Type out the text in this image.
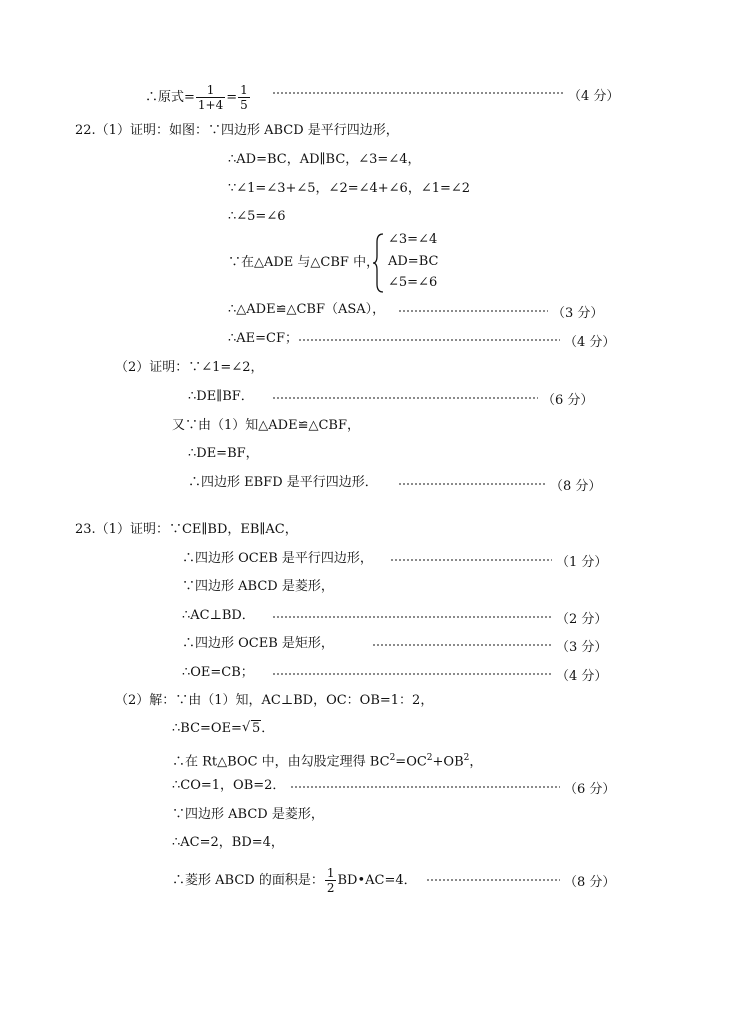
∴原式= $\frac{1}{1+4} = \frac{1}{5}$	（4 分）
22.（1）证明：如图：∵四边形 ABCD 是平行四边形，
∴AD=BC，AD∥BC，∠3=∠4，
∵∠1=∠3+∠5，∠2=∠4+∠6，∠1=∠2
∴∠5=∠6
∵在△ADE 与△CBF 中，
∠3=∠4
AD=BC
∠5=∠6
∴△ADE≌△CBF（ASA），	（3 分）
∴AE=CF；	（4 分）
（2）证明：∵∠1=∠2，
∴DE∥BF．	（6 分）
又∵由（1）知△ADE≌△CBF，
∴DE=BF，
∴四边形 EBFD 是平行四边形．	（8 分）
23.（1）证明：∵CE∥BD，EB∥AC，
∴四边形 OCEB 是平行四边形，	（1 分）
∵四边形 ABCD 是菱形，
∴AC⊥BD．	（2 分）
∴四边形 OCEB 是矩形，	（3 分）
∴OE=CB；	（4 分）
（2）解：∵由（1）知，AC⊥BD，OC：OB=1：2，
∴BC=OE= √ 5．
∴在 Rt△BOC 中，由勾股定理得 $BC^2=OC^2+OB^2$，
∴CO=1，OB=2．	（6 分）
∵四边形 ABCD 是菱形，
∴AC=2，BD=4，
∴菱形 ABCD 的面积是： $\frac{1}{2}$ BD•AC=4．	（8 分）
